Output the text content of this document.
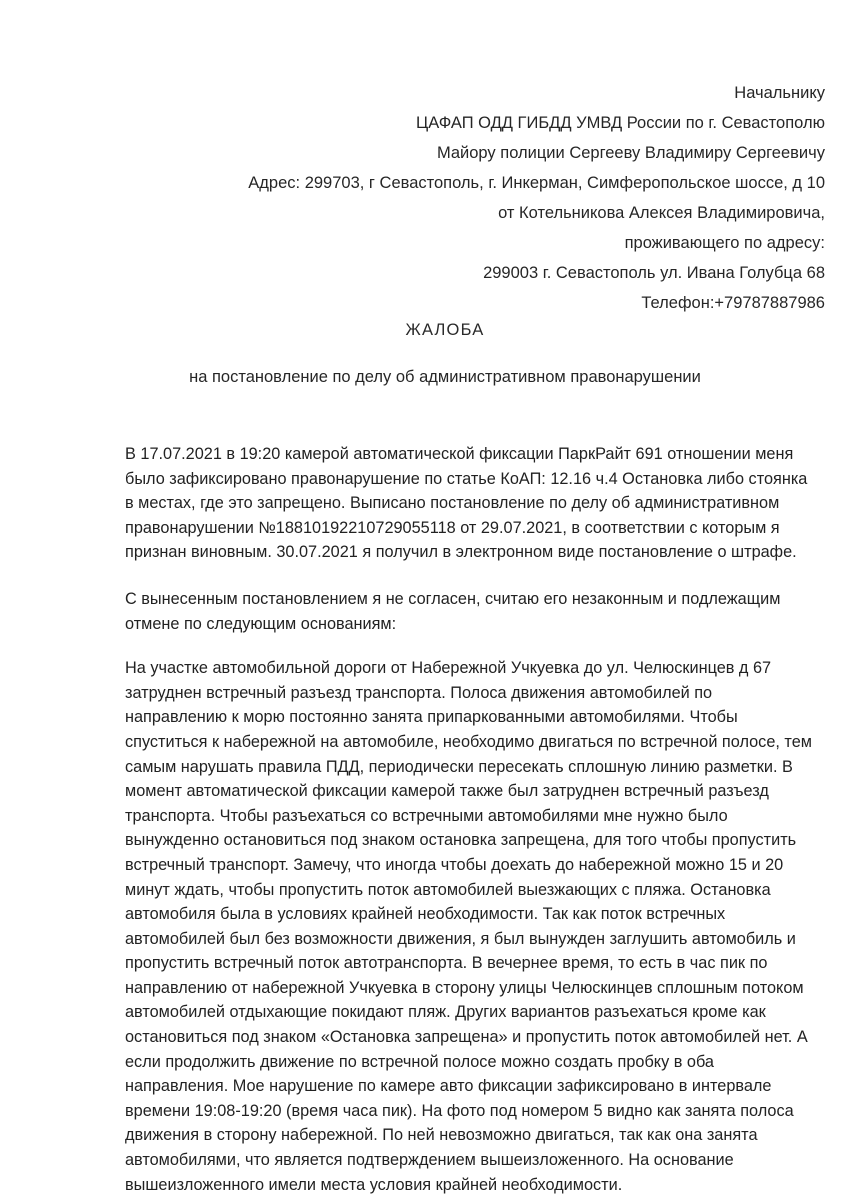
Начальнику
ЦАФАП ОДД ГИБДД УМВД России по г. Севастополю
Майору полиции Сергееву Владимиру Сергеевичу
Адрес: 299703, г Севастополь, г. Инкерман, Симферопольское шоссе, д 10
от Котельникова Алексея Владимировича,
проживающего по адресу:
299003 г. Севастополь ул. Ивана Голубца 68
Телефон:+79787887986
ЖАЛОБА
на постановление по делу об административном правонарушении

В 17.07.2021 в 19:20 камерой автоматической фиксации ПаркРайт 691 отношении меня было зафиксировано правонарушение по статье КоАП: 12.16 ч.4 Остановка либо стоянка в местах, где это запрещено. Выписано постановление по делу об административном правонарушении №18810192210729055118 от 29.07.2021, в соответствии с которым я признан виновным. 30.07.2021 я получил в электронном виде постановление о штрафе.

С вынесенным постановлением я не согласен, считаю его незаконным и подлежащим отмене по следующим основаниям:

На участке автомобильной дороги от Набережной Учкуевка до ул. Челюскинцев д 67 затруднен встречный разъезд транспорта. Полоса движения автомобилей по направлению к морю постоянно занята припаркованными автомобилями. Чтобы спуститься к набережной на автомобиле, необходимо двигаться по встречной полосе, тем самым нарушать правила ПДД, периодически пересекать сплошную линию разметки. В момент автоматической фиксации камерой также был затруднен встречный разъезд транспорта. Чтобы разъехаться со встречными автомобилями мне нужно было вынужденно остановиться под знаком остановка запрещена, для того чтобы пропустить встречный транспорт. Замечу, что иногда чтобы доехать до набережной можно 15 и 20 минут ждать, чтобы пропустить поток автомобилей выезжающих с пляжа. Остановка автомобиля была в условиях крайней необходимости. Так как поток встречных автомобилей был без возможности движения, я был вынужден заглушить автомобиль и пропустить встречный поток автотранспорта. В вечернее время, то есть в час пик по направлению от набережной Учкуевка в сторону улицы Челюскинцев сплошным потоком автомобилей отдыхающие покидают пляж. Других вариантов разъехаться кроме как остановиться под знаком «Остановка запрещена» и пропустить поток автомобилей нет. А если продолжить движение по встречной полосе можно создать пробку в оба направления. Мое нарушение по камере авто фиксации зафиксировано в интервале времени 19:08-19:20 (время часа пик). На фото под номером 5 видно как занята полоса движения в сторону набережной. По ней невозможно двигаться, так как она занята автомобилями, что является подтверждением вышеизложенного. На основание вышеизложенного имели места условия крайней необходимости.
